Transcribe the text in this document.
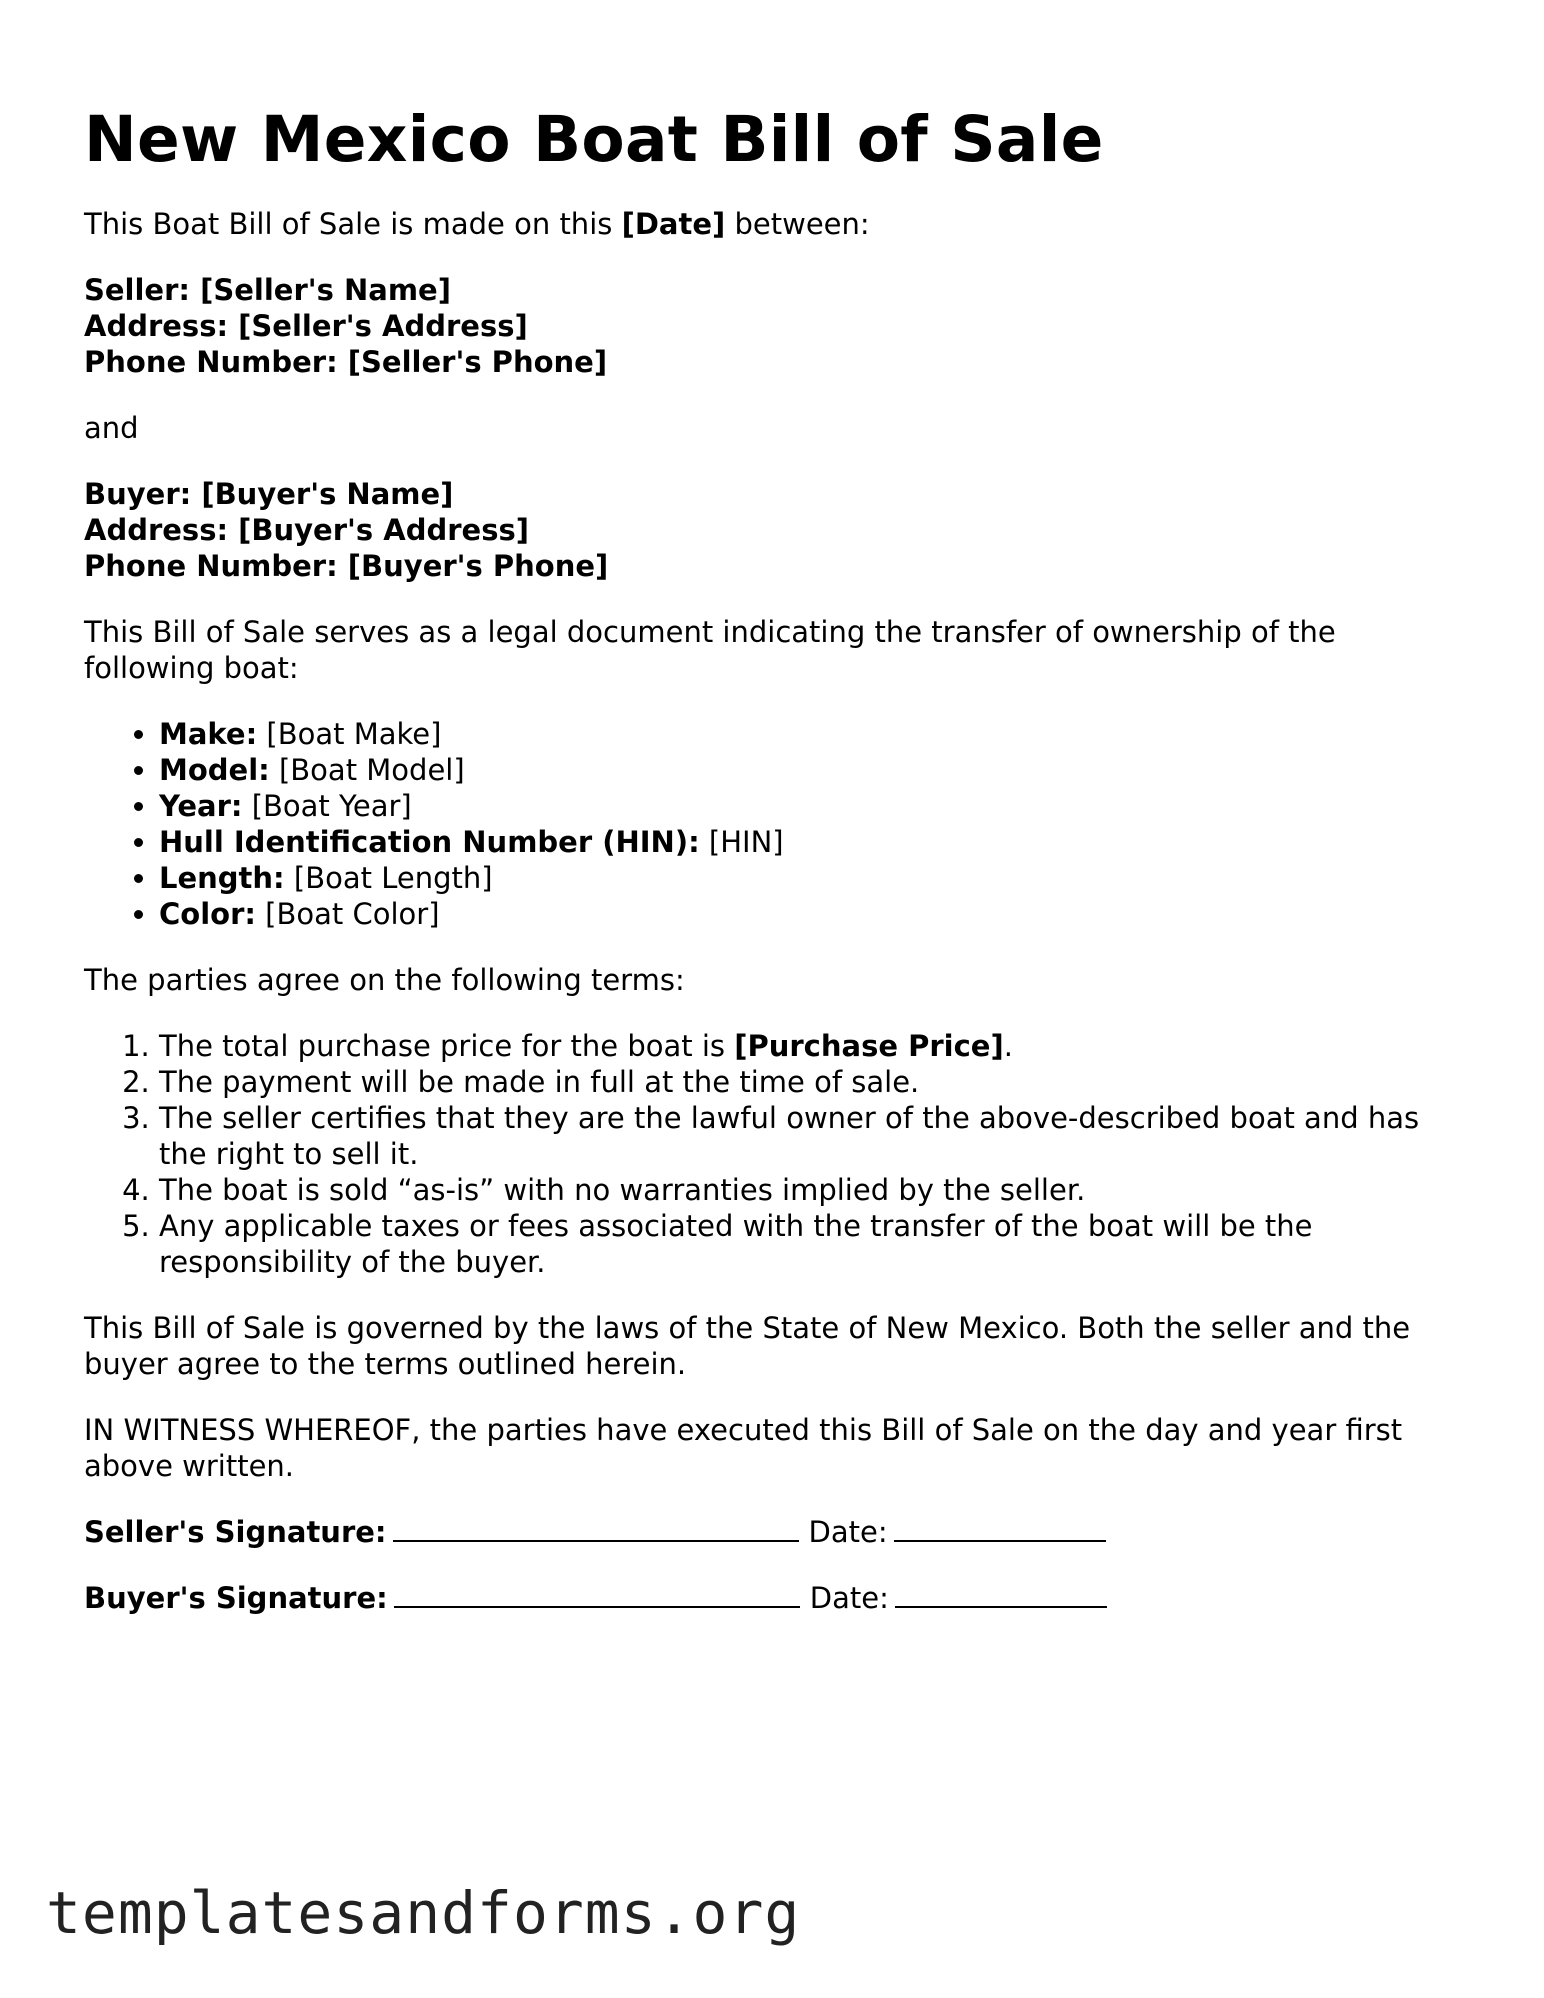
New Mexico Boat Bill of Sale

This Boat Bill of Sale is made on this [Date] between:

Seller: [Seller's Name]
Address: [Seller's Address]
Phone Number: [Seller's Phone]

and

Buyer: [Buyer's Name]
Address: [Buyer's Address]
Phone Number: [Buyer's Phone]

This Bill of Sale serves as a legal document indicating the transfer of ownership of the following boat:

• Make: [Boat Make]
• Model: [Boat Model]
• Year: [Boat Year]
• Hull Identification Number (HIN): [HIN]
• Length: [Boat Length]
• Color: [Boat Color]

The parties agree on the following terms:

1. The total purchase price for the boat is [Purchase Price].
2. The payment will be made in full at the time of sale.
3. The seller certifies that they are the lawful owner of the above-described boat and has the right to sell it.
4. The boat is sold “as-is” with no warranties implied by the seller.
5. Any applicable taxes or fees associated with the transfer of the boat will be the responsibility of the buyer.

This Bill of Sale is governed by the laws of the State of New Mexico. Both the seller and the buyer agree to the terms outlined herein.

IN WITNESS WHEREOF, the parties have executed this Bill of Sale on the day and year first above written.

Seller's Signature:	Date:
Buyer's Signature:	Date:
templatesandforms.org
